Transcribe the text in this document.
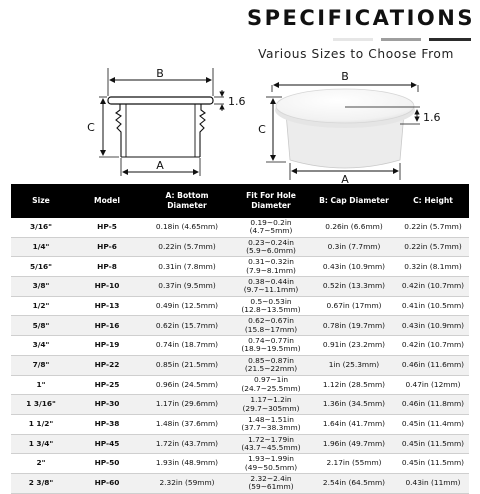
SPECIFICATIONS
Various Sizes to Choose From
B
C
1.6
A
B
C
1.6
A
Size	Model	A: Bottom Diameter	Fit For Hole Diameter	B: Cap Diameter	C: Height
3/16"	HP-5	0.18in (4.65mm)	0.19~0.2in (4.7~5mm)	0.26in (6.6mm)	0.22in (5.7mm)
1/4"	HP-6	0.22in (5.7mm)	0.23~0.24in (5.9~6.0mm)	0.3in (7.7mm)	0.22in (5.7mm)
5/16"	HP-8	0.31in (7.8mm)	0.31~0.32in (7.9~8.1mm)	0.43in (10.9mm)	0.32in (8.1mm)
3/8"	HP-10	0.37in (9.5mm)	0.38~0.44in (9.7~11.1mm)	0.52in (13.3mm)	0.42in (10.7mm)
1/2"	HP-13	0.49in (12.5mm)	0.5~0.53in (12.8~13.5mm)	0.67in (17mm)	0.41in (10.5mm)
5/8"	HP-16	0.62in (15.7mm)	0.62~0.67in (15.8~17mm)	0.78in (19.7mm)	0.43in (10.9mm)
3/4"	HP-19	0.74in (18.7mm)	0.74~0.77in (18.9~19.5mm)	0.91in (23.2mm)	0.42in (10.7mm)
7/8"	HP-22	0.85in (21.5mm)	0.85~0.87in (21.5~22mm)	1in (25.3mm)	0.46in (11.6mm)
1"	HP-25	0.96in (24.5mm)	0.97~1in (24.7~25.5mm)	1.12in (28.5mm)	0.47in (12mm)
1 3/16"	HP-30	1.17in (29.6mm)	1.17~1.2in (29.7~305mm)	1.36in (34.5mm)	0.46in (11.8mm)
1 1/2"	HP-38	1.48in (37.6mm)	1.48~1.51in (37.7~38.3mm)	1.64in (41.7mm)	0.45in (11.4mm)
1 3/4"	HP-45	1.72in (43.7mm)	1.72~1.79in (43.7~45.5mm)	1.96in (49.7mm)	0.45in (11.5mm)
2"	HP-50	1.93in (48.9mm)	1.93~1.99in (49~50.5mm)	2.17in (55mm)	0.45in (11.5mm)
2 3/8"	HP-60	2.32in (59mm)	2.32~2.4in (59~61mm)	2.54in (64.5mm)	0.43in (11mm)
